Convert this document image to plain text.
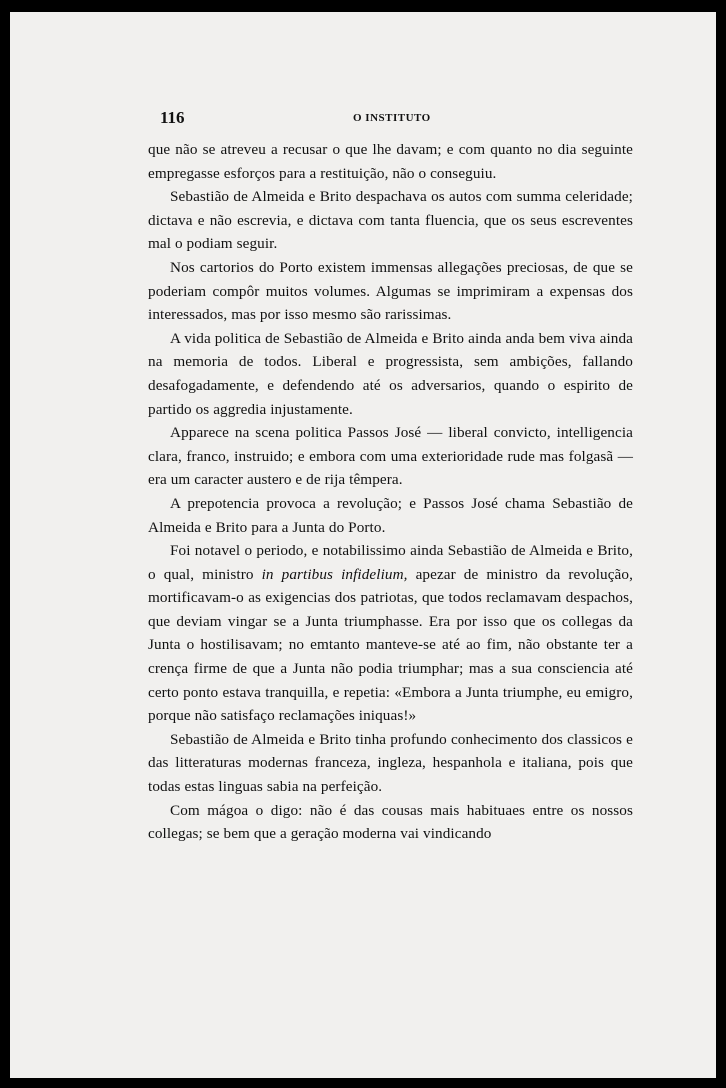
116	O INSTITUTO

que não se atreveu a recusar o que lhe davam; e com quanto no dia seguinte empregasse esforços para a restituição, não o conseguiu.

Sebastião de Almeida e Brito despachava os autos com summa celeridade; dictava e não escrevia, e dictava com tanta fluencia, que os seus escreventes mal o podiam seguir.

Nos cartorios do Porto existem immensas allegações preciosas, de que se poderiam compôr muitos volumes. Algumas se imprimiram a expensas dos interessados, mas por isso mesmo são rarissimas.

A vida politica de Sebastião de Almeida e Brito ainda anda bem viva ainda na memoria de todos. Liberal e progressista, sem ambições, fallando desafogadamente, e defendendo até os adversarios, quando o espirito de partido os aggredia injustamente.

Apparece na scena politica Passos José — liberal convicto, intelligencia clara, franco, instruido; e embora com uma exterioridade rude mas folgasã — era um caracter austero e de rija têmpera.

A prepotencia provoca a revolução; e Passos José chama Sebastião de Almeida e Brito para a Junta do Porto.

Foi notavel o periodo, e notabilissimo ainda Sebastião de Almeida e Brito, o qual, ministro in partibus infidelium, apezar de ministro da revolução, mortificavam-o as exigencias dos patriotas, que todos reclamavam despachos, que deviam vingar se a Junta triumphasse. Era por isso que os collegas da Junta o hostilisavam; no emtanto manteve-se até ao fim, não obstante ter a crença firme de que a Junta não podia triumphar; mas a sua consciencia até certo ponto estava tranquilla, e repetia: «Embora a Junta triumphe, eu emigro, porque não satisfaço reclamações iniquas!»

Sebastião de Almeida e Brito tinha profundo conhecimento dos classicos e das litteraturas modernas franceza, ingleza, hespanhola e italiana, pois que todas estas linguas sabia na perfeição.

Com mágoa o digo: não é das cousas mais habituaes entre os nossos collegas; se bem que a geração moderna vai vindicando
